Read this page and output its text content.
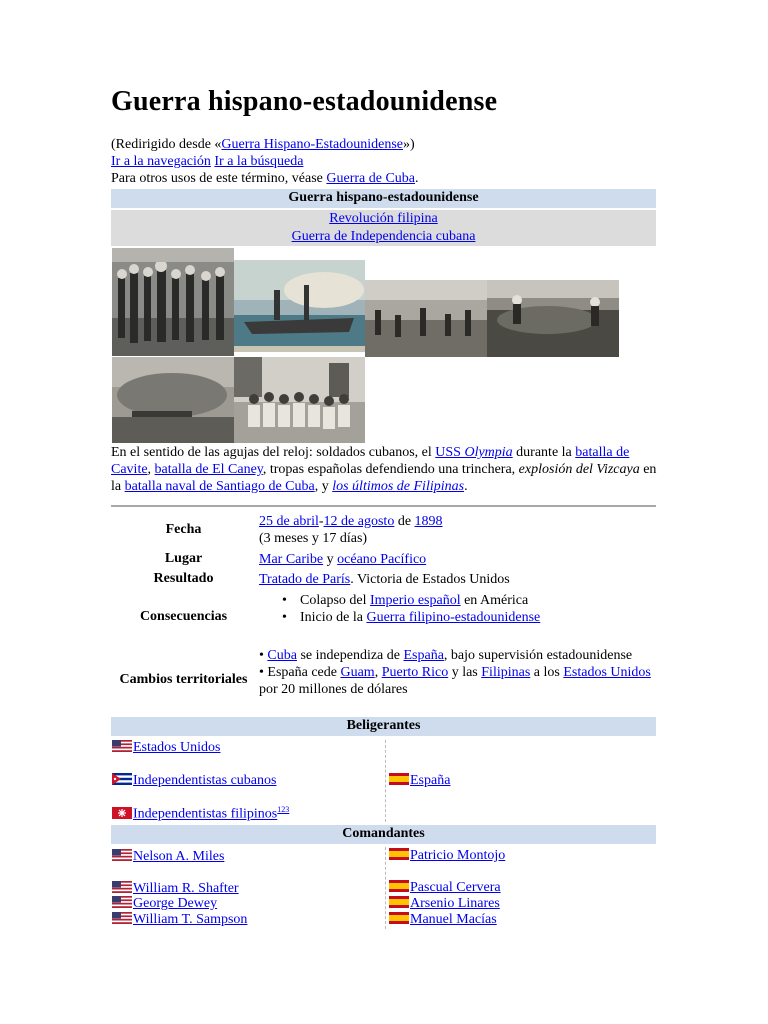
Guerra hispano-estadounidense
(Redirigido desde «Guerra Hispano-Estadounidense»)
Ir a la navegación Ir a la búsqueda
Para otros usos de este término, véase Guerra de Cuba.
Guerra hispano-estadounidense
Revolución filipina
Guerra de Independencia cubana
En el sentido de las agujas del reloj: soldados cubanos, el USS Olympia durante la batalla de Cavite, batalla de El Caney, tropas españolas defendiendo una trinchera, explosión del Vizcaya en la batalla naval de Santiago de Cuba, y los últimos de Filipinas.
Fecha
25 de abril-12 de agosto de 1898
(3 meses y 17 días)
Lugar	Mar Caribe y océano Pacífico
Resultado	Tratado de París. Victoria de Estados Unidos
Consecuencias
• Colapso del Imperio español en América
• Inicio de la Guerra filipino-estadounidense
Cambios territoriales
• Cuba se independiza de España, bajo supervisión estadounidense
• España cede Guam, Puerto Rico y las Filipinas a los Estados Unidos por 20 millones de dólares
Beligerantes
Estados Unidos
Independentistas cubanos
Independentistas filipinos$^{123}$
España
Comandantes
Nelson A. Miles
William R. Shafter
George Dewey
William T. Sampson
Patricio Montojo
Pascual Cervera
Arsenio Linares
Manuel Macías
